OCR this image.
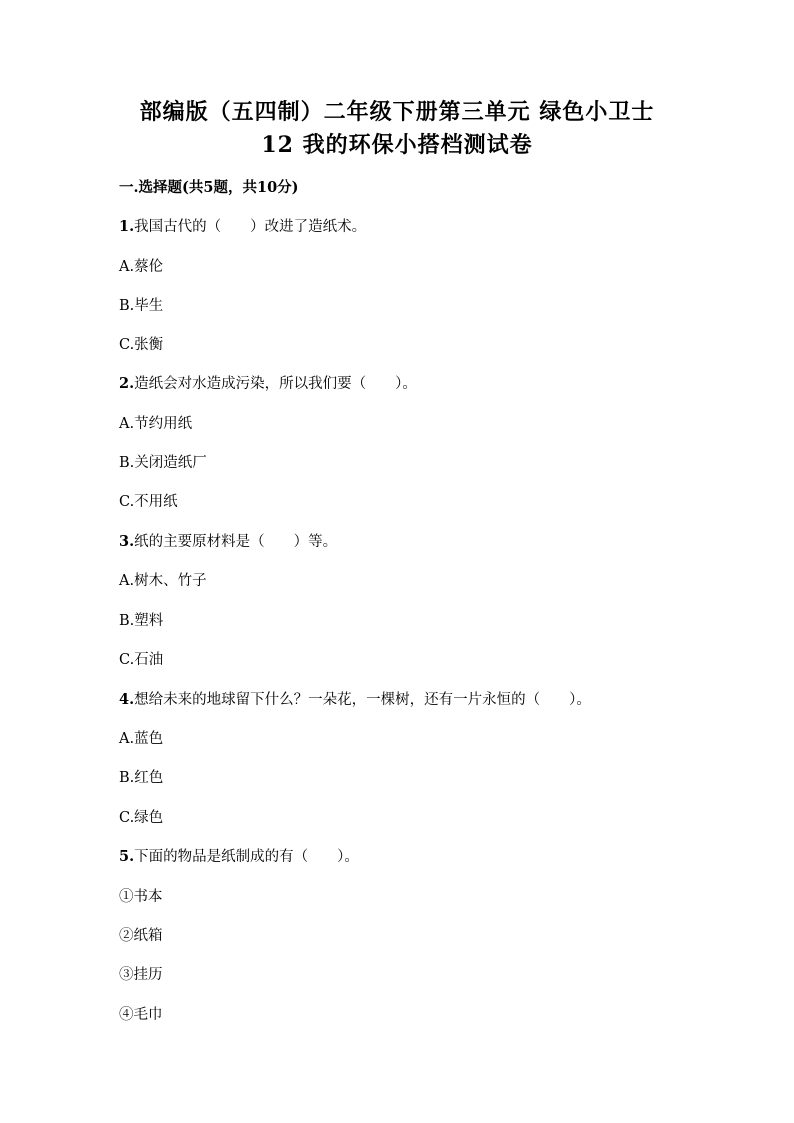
部编版（五四制）二年级下册第三单元 绿色小卫士
12 我的环保小搭档测试卷
一.选择题(共5题，共10分)
1.我国古代的（　　）改进了造纸术。
A.蔡伦
B.毕生
C.张衡
2.造纸会对水造成污染，所以我们要（　　）。
A.节约用纸
B.关闭造纸厂
C.不用纸
3.纸的主要原材料是（　　）等。
A.树木、竹子
B.塑料
C.石油
4.想给未来的地球留下什么？一朵花，一棵树，还有一片永恒的（　　）。
A.蓝色
B.红色
C.绿色
5.下面的物品是纸制成的有（　　）。
①书本
②纸箱
③挂历
④毛巾
